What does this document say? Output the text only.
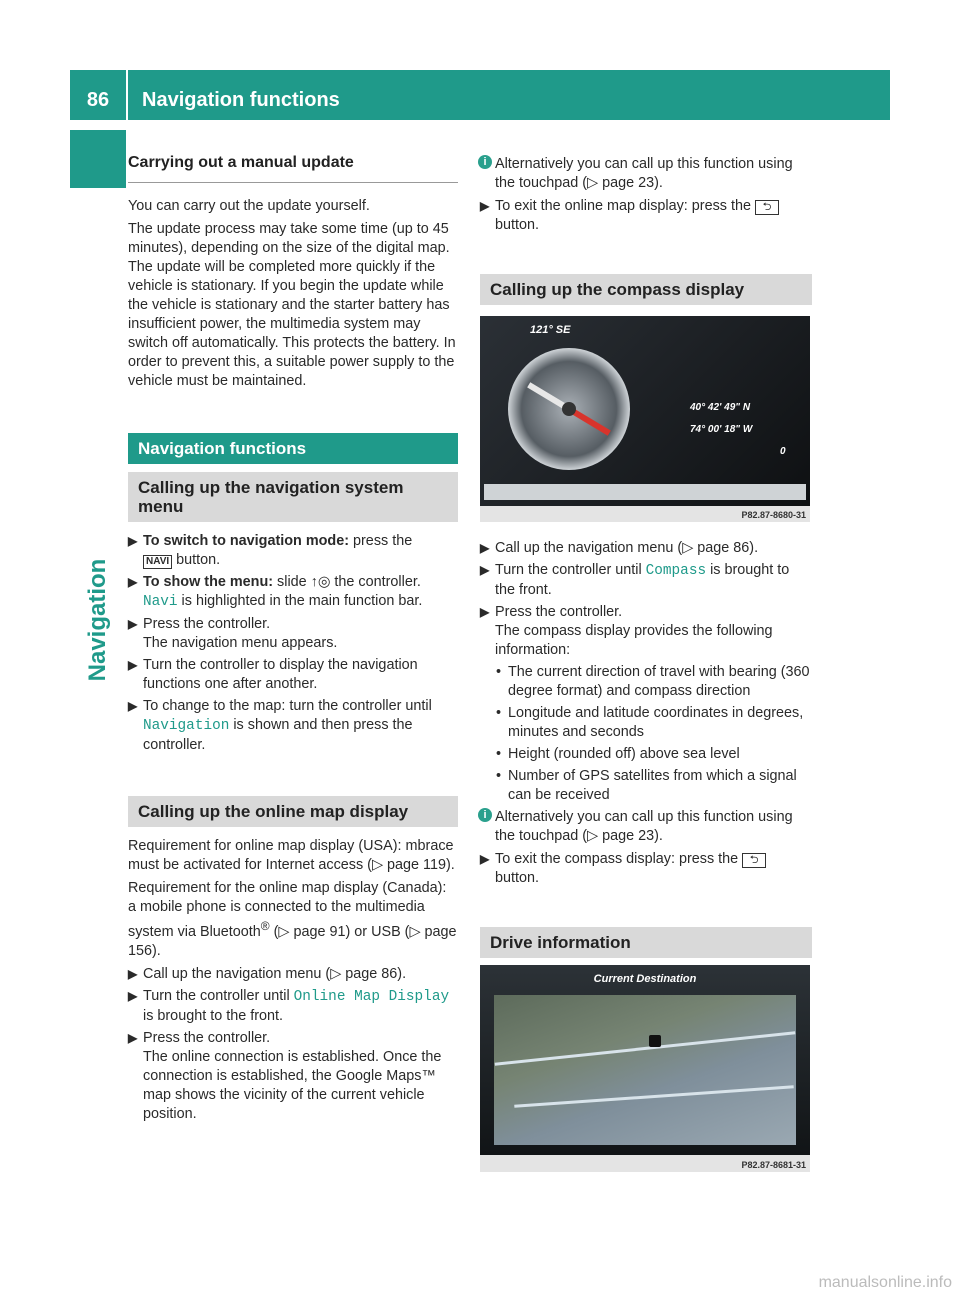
86	Navigation functions
Navigation
Carrying out a manual update

You can carry out the update yourself.

The update process may take some time (up to 45 minutes), depending on the size of the digital map. The update will be completed more quickly if the vehicle is stationary. If you begin the update while the vehicle is stationary and the starter battery has insufficient power, the multimedia system may switch off automatically. This protects the battery. In order to prevent this, a suitable power supply to the vehicle must be maintained.

Navigation functions
Calling up the navigation system menu
▶ To switch to navigation mode: press the
NAVI button.
▶ To show the menu: slide ↑◎ the controller.
Navi is highlighted in the main function bar.
▶ Press the controller.
The navigation menu appears.
▶ Turn the controller to display the navigation functions one after another.
▶ To change to the map: turn the controller until Navigation is shown and then press the controller.
Calling up the online map display

Requirement for online map display (USA): mbrace must be activated for Internet access (▷ page 119).

Requirement for the online map display (Canada): a mobile phone is connected to the multimedia system via Bluetooth® (▷ page 91) or USB (▷ page 156).

▶ Call up the navigation menu (▷ page 86).
▶ Turn the controller until Online Map Display is brought to the front.
▶ Press the controller.
The online connection is established. Once the connection is established, the Google Maps™ map shows the vicinity of the current vehicle position.
i Alternatively you can call up this function using the touchpad (▷ page 23).
▶ To exit the online map display: press the ⮌
button.
Calling up the compass display
121° SE
40° 42' 49" N
74° 00' 18" W
0
P82.87-8680-31
▶ Call up the navigation menu (▷ page 86).
▶ Turn the controller until Compass is brought to the front.
▶ Press the controller.
The compass display provides the following information:
• The current direction of travel with bearing (360 degree format) and compass direction
• Longitude and latitude coordinates in degrees, minutes and seconds
• Height (rounded off) above sea level
• Number of GPS satellites from which a signal can be received
i Alternatively you can call up this function using the touchpad (▷ page 23).
▶ To exit the compass display: press the ⮌
button.
Drive information
Current Destination
P82.87-8681-31
manualsonline.info
